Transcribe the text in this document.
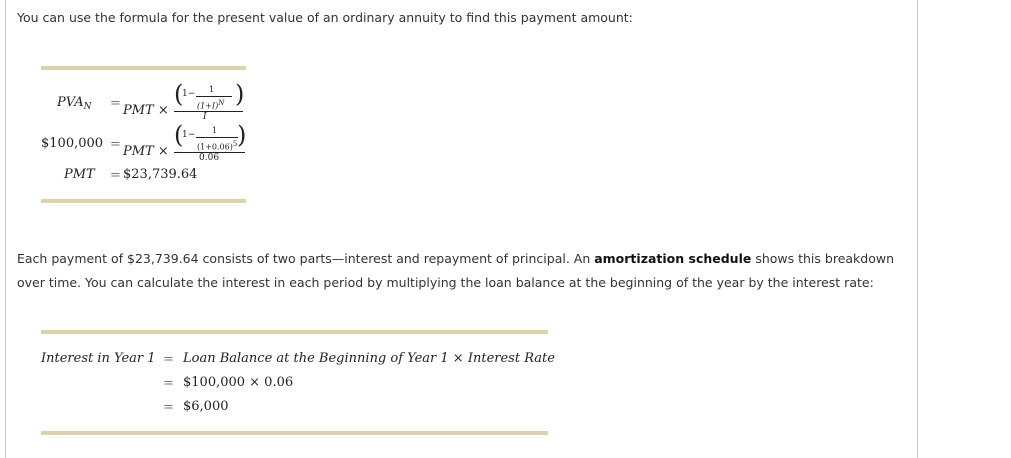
You can use the formula for the present value of an ordinary annuity to find this payment amount:

$PVA_N$ = PMT ×
(
1− 1
$(1+I)^N$ )
I
$100,000 = PMT ×
(
1− 1
$(1+0.06)^5$ )
0.06
PMT = $23,739.64

Each payment of $23,739.64 consists of two parts—interest and repayment of principal. An amortization schedule shows this breakdown over time. You can calculate the interest in each period by multiplying the loan balance at the beginning of the year by the interest rate:

Interest in Year 1 = Loan Balance at the Beginning of Year 1 × Interest Rate
= $100,000 × 0.06
= $6,000
